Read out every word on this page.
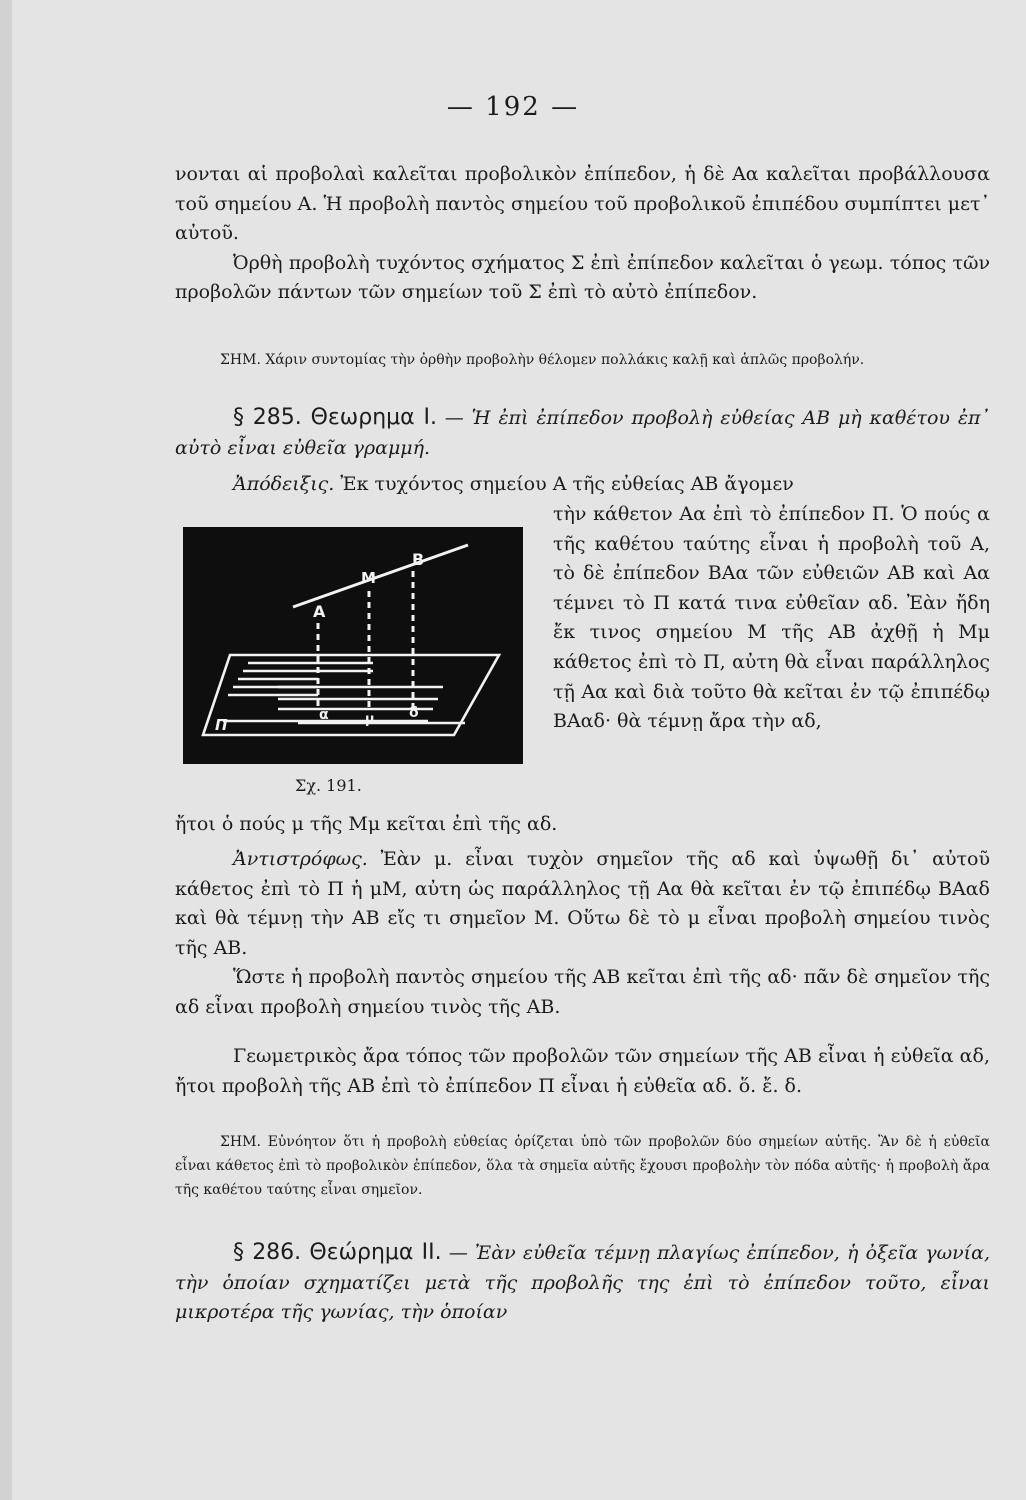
— 192 —

νονται αἱ προβολαὶ καλεῖται προβολικὸν ἐπίπεδον, ἡ δὲ Αα καλεῖται προβάλλουσα τοῦ σημείου Α. Ἡ προβολὴ παντὸς σημείου τοῦ προβολικοῦ ἐπιπέδου συμπίπτει μετ᾽ αὐτοῦ.

Ὀρθὴ προβολὴ τυχόντος σχήματος Σ ἐπὶ ἐπίπεδον καλεῖται ὁ γεωμ. τόπος τῶν προβολῶν πάντων τῶν σημείων τοῦ Σ ἐπὶ τὸ αὐτὸ ἐπίπεδον.

ΣΗΜ. Χάριν συντομίας τὴν ὀρθὴν προβολὴν θέλομεν πολλάκις καλῇ καὶ ἁπλῶς προβολήν.

§ 285. Θεωρημα Ι. — Ἡ ἐπὶ ἐπίπεδον προβολὴ εὐθείας ΑΒ μὴ καθέτου ἐπ᾽ αὐτὸ εἶναι εὐθεῖα γραμμή.

Ἀπόδειξις. Ἐκ τυχόντος σημείου Α τῆς εὐθείας ΑΒ ἄγομεν

Α
Μ
Β
α	μ δ
Π
Σχ. 191.

τὴν κάθετον Αα ἐπὶ τὸ ἐπίπεδον Π. Ὁ πούς α τῆς καθέτου ταύτης εἶναι ἡ προβολὴ τοῦ Α, τὸ δὲ ἐπίπεδον ΒΑα τῶν εὐθειῶν ΑΒ καὶ Αα τέμνει τὸ Π κατά τινα εὐθεῖαν αδ. Ἐὰν ἤδη ἔκ τινος σημείου Μ τῆς ΑΒ ἀχθῇ ἡ Μμ κάθετος ἐπὶ τὸ Π, αὐτη θὰ εἶναι παράλληλος τῇ Αα καὶ διὰ τοῦτο θὰ κεῖται ἐν τῷ ἐπιπέδῳ ΒΑαδ· θὰ τέμνῃ ἄρα τὴν αδ,

ἤτοι ὁ πούς μ τῆς Μμ κεῖται ἐπὶ τῆς αδ.

Ἀντιστρόφως. Ἐὰν μ. εἶναι τυχὸν σημεῖον τῆς αδ καὶ ὑψωθῇ δι᾽ αὐτοῦ κάθετος ἐπὶ τὸ Π ἡ μΜ, αὐτη ὡς παράλληλος τῇ Αα θὰ κεῖται ἐν τῷ ἐπιπέδῳ ΒΑαδ καὶ θὰ τέμνῃ τὴν ΑΒ εἴς τι σημεῖον Μ. Οὕτω δὲ τὸ μ εἶναι προβολὴ σημείου τινὸς τῆς ΑΒ.

Ὥστε ἡ προβολὴ παντὸς σημείου τῆς ΑΒ κεῖται ἐπὶ τῆς αδ· πᾶν δὲ σημεῖον τῆς αδ εἶναι προβολὴ σημείου τινὸς τῆς ΑΒ.

Γεωμετρικὸς ἄρα τόπος τῶν προβολῶν τῶν σημείων τῆς ΑΒ εἶναι ἡ εὐθεῖα αδ, ἤτοι προβολὴ τῆς ΑΒ ἐπὶ τὸ ἐπίπεδον Π εἶναι ἡ εὐθεῖα αδ. ὅ. ἔ. δ.

ΣΗΜ. Εὐνόητον ὅτι ἡ προβολὴ εὐθείας ὁρίζεται ὑπὸ τῶν προβολῶν δύο σημείων αὐτῆς. Ἂν δὲ ἡ εὐθεῖα εἶναι κάθετος ἐπὶ τὸ προβολικὸν ἐπίπεδον, ὅλα τὰ σημεῖα αὐτῆς ἔχουσι προβολὴν τὸν πόδα αὐτῆς· ἡ προβολὴ ἄρα τῆς καθέτου ταύτης εἶναι σημεῖον.

§ 286. Θεώρημα ΙΙ. — Ἐὰν εὐθεῖα τέμνῃ πλαγίως ἐπίπεδον, ἡ ὀξεῖα γωνία, τὴν ὁποίαν σχηματίζει μετὰ τῆς προβολῆς της ἐπὶ τὸ ἐπίπεδον τοῦτο, εἶναι μικροτέρα τῆς γωνίας, τὴν ὁποίαν
